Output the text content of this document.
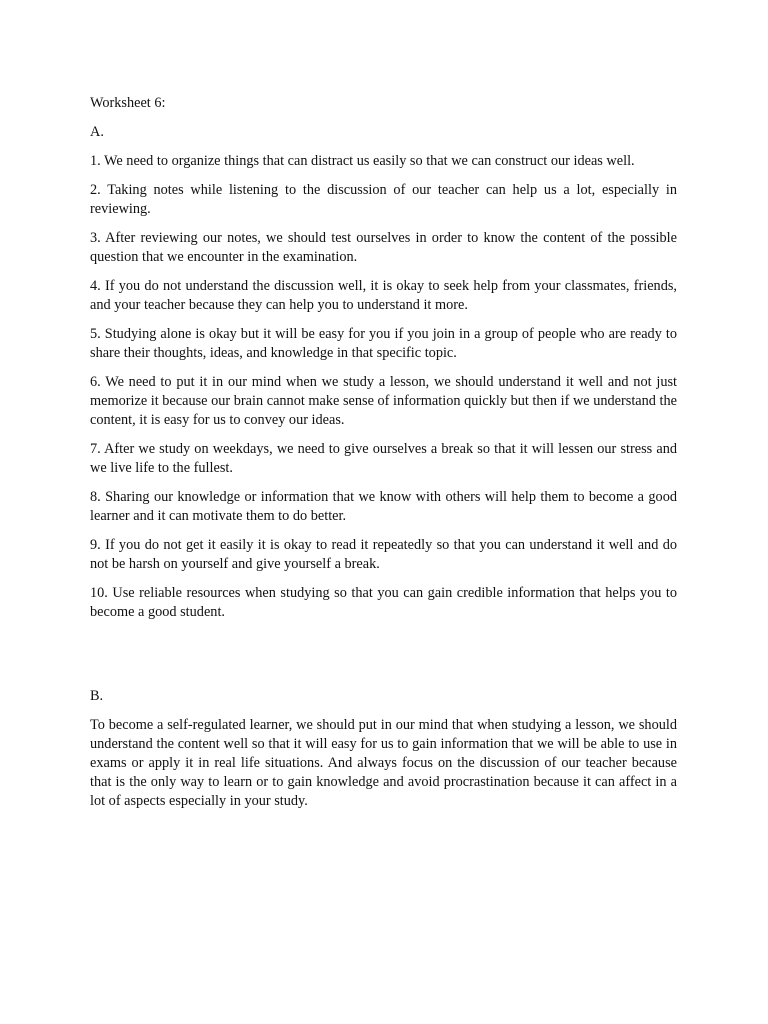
Worksheet 6:

A.

1. We need to organize things that can distract us easily so that we can construct our ideas well.

2. Taking notes while listening to the discussion of our teacher can help us a lot, especially in reviewing.

3. After reviewing our notes, we should test ourselves in order to know the content of the possible question that we encounter in the examination.

4. If you do not understand the discussion well, it is okay to seek help from your classmates, friends, and your teacher because they can help you to understand it more.

5. Studying alone is okay but it will be easy for you if you join in a group of people who are ready to share their thoughts, ideas, and knowledge in that specific topic.

6. We need to put it in our mind when we study a lesson, we should understand it well and not just memorize it because our brain cannot make sense of information quickly but then if we understand the content, it is easy for us to convey our ideas.

7. After we study on weekdays, we need to give ourselves a break so that it will lessen our stress and we live life to the fullest.

8. Sharing our knowledge or information that we know with others will help them to become a good learner and it can motivate them to do better.

9. If you do not get it easily it is okay to read it repeatedly so that you can understand it well and do not be harsh on yourself and give yourself a break.

10. Use reliable resources when studying so that you can gain credible information that helps you to become a good student.

B.

To become a self-regulated learner, we should put in our mind that when studying a lesson, we should understand the content well so that it will easy for us to gain information that we will be able to use in exams or apply it in real life situations. And always focus on the discussion of our teacher because that is the only way to learn or to gain knowledge and avoid procrastination because it can affect in a lot of aspects especially in your study.
